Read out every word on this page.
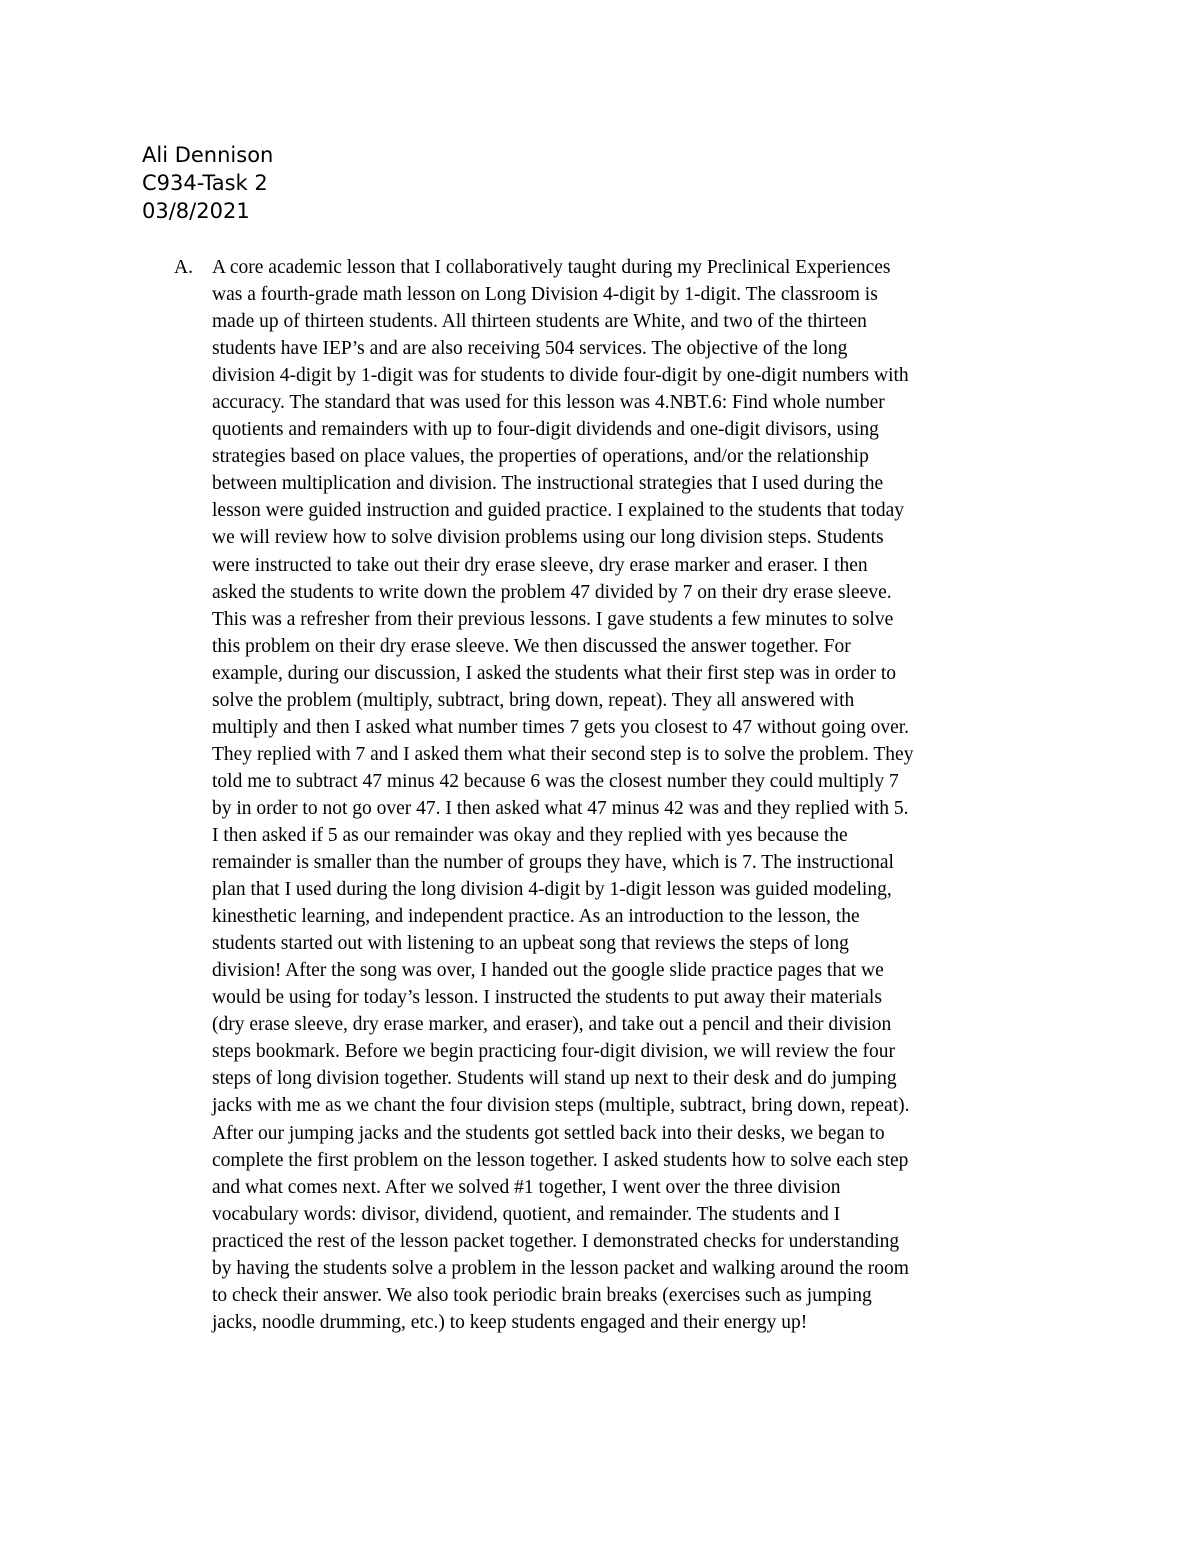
Ali Dennison
C934-Task 2
03/8/2021
A. A core academic lesson that I collaboratively taught during my Preclinical Experiences
was a fourth-grade math lesson on Long Division 4-digit by 1-digit. The classroom is
made up of thirteen students. All thirteen students are White, and two of the thirteen
students have IEP’s and are also receiving 504 services. The objective of the long
division 4-digit by 1-digit was for students to divide four-digit by one-digit numbers with
accuracy. The standard that was used for this lesson was 4.NBT.6: Find whole number
quotients and remainders with up to four-digit dividends and one-digit divisors, using
strategies based on place values, the properties of operations, and/or the relationship
between multiplication and division. The instructional strategies that I used during the
lesson were guided instruction and guided practice. I explained to the students that today
we will review how to solve division problems using our long division steps. Students
were instructed to take out their dry erase sleeve, dry erase marker and eraser. I then
asked the students to write down the problem 47 divided by 7 on their dry erase sleeve.
This was a refresher from their previous lessons. I gave students a few minutes to solve
this problem on their dry erase sleeve. We then discussed the answer together. For
example, during our discussion, I asked the students what their first step was in order to
solve the problem (multiply, subtract, bring down, repeat). They all answered with
multiply and then I asked what number times 7 gets you closest to 47 without going over.
They replied with 7 and I asked them what their second step is to solve the problem. They
told me to subtract 47 minus 42 because 6 was the closest number they could multiply 7
by in order to not go over 47. I then asked what 47 minus 42 was and they replied with 5.
I then asked if 5 as our remainder was okay and they replied with yes because the
remainder is smaller than the number of groups they have, which is 7. The instructional
plan that I used during the long division 4-digit by 1-digit lesson was guided modeling,
kinesthetic learning, and independent practice. As an introduction to the lesson, the
students started out with listening to an upbeat song that reviews the steps of long
division! After the song was over, I handed out the google slide practice pages that we
would be using for today’s lesson. I instructed the students to put away their materials
(dry erase sleeve, dry erase marker, and eraser), and take out a pencil and their division
steps bookmark. Before we begin practicing four-digit division, we will review the four
steps of long division together. Students will stand up next to their desk and do jumping
jacks with me as we chant the four division steps (multiple, subtract, bring down, repeat).
After our jumping jacks and the students got settled back into their desks, we began to
complete the first problem on the lesson together. I asked students how to solve each step
and what comes next. After we solved #1 together, I went over the three division
vocabulary words: divisor, dividend, quotient, and remainder. The students and I
practiced the rest of the lesson packet together. I demonstrated checks for understanding
by having the students solve a problem in the lesson packet and walking around the room
to check their answer. We also took periodic brain breaks (exercises such as jumping
jacks, noodle drumming, etc.) to keep students engaged and their energy up!
